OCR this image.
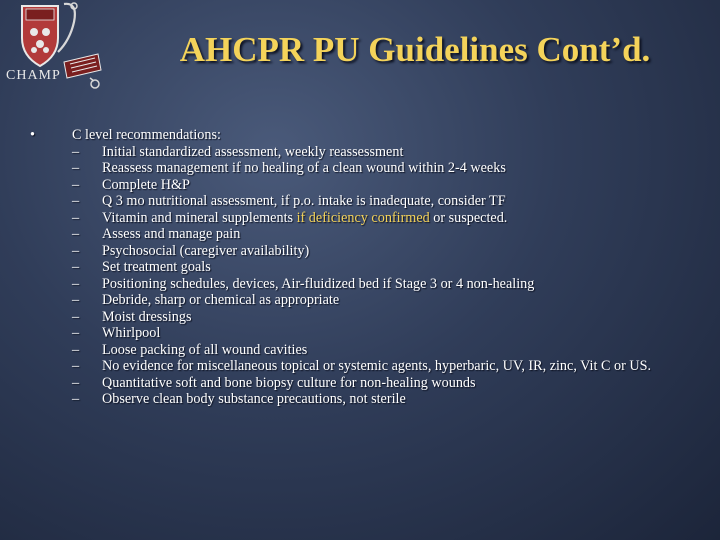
CHAMP
AHCPR PU Guidelines Cont’d.
•	C level recommendations:
–	Initial standardized assessment, weekly reassessment
–	Reassess management if no healing of a clean wound within 2-4 weeks
–	Complete H&P
–	Q 3 mo nutritional assessment, if p.o. intake is inadequate, consider TF
–	Vitamin and mineral supplements if deficiency confirmed or suspected.
–	Assess and manage pain
–	Psychosocial (caregiver availability)
–	Set treatment goals
–	Positioning schedules, devices, Air-fluidized bed if Stage 3 or 4 non-healing
–	Debride, sharp or chemical as appropriate
–	Moist dressings
–	Whirlpool
–	Loose packing of all wound cavities
–	No evidence for miscellaneous topical or systemic agents, hyperbaric, UV, IR, zinc, Vit C or US.
–	Quantitative soft and bone biopsy culture for non-healing wounds
–	Observe clean body substance precautions, not sterile
